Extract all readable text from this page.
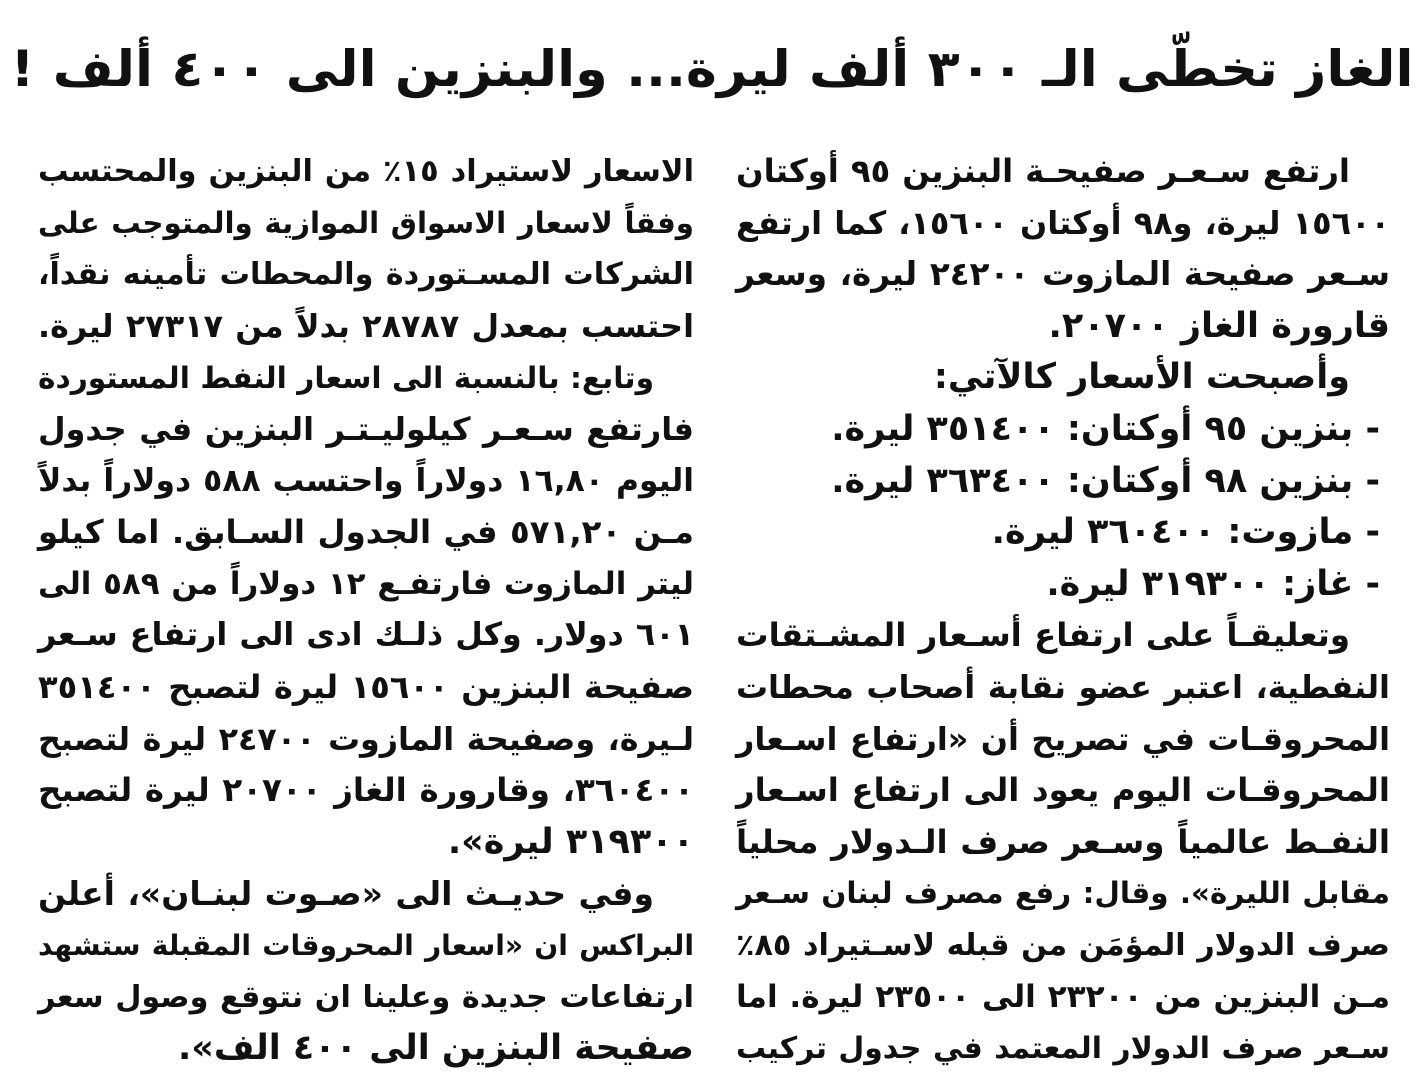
الغاز تخطّى الـ ٣٠٠ ألف ليرة... والبنزين الى ٤٠٠ ألف !
ارتفع سـعـر صفيحـة البنزين ٩٥ أوكتان
١٥٦٠٠ ليرة، و٩٨ أوكتان ١٥٦٠٠، كما ارتفع
سـعر صفيحة المازوت ٢٤٢٠٠ ليرة، وسعر
قارورة الغاز ٢٠٧٠٠.
وأصبحت الأسعار كالآتي:
- بنزين ٩٥ أوكتان: ٣٥١٤٠٠ ليرة.
- بنزين ٩٨ أوكتان: ٣٦٣٤٠٠ ليرة.
- مازوت: ٣٦٠٤٠٠ ليرة.
- غاز: ٣١٩٣٠٠ ليرة.
وتعليقـاً على ارتفاع أسـعار المشـتقات
النفطية، اعتبر عضو نقابة أصحاب محطات
المحروقـات في تصريح أن «ارتفاع اسـعار
المحروقـات اليوم يعود الى ارتفاع اسـعار
النفـط عالمياً وسـعر صرف الـدولار محلياً
مقابل الليرة». وقال: رفع مصرف لبنان سـعر
صرف الدولار المؤمَن من قبله لاسـتيراد ٨٥٪
مـن البنزين من ٢٣٢٠٠ الى ٢٣٥٠٠ ليرة. اما
سـعر صرف الدولار المعتمد في جدول تركيب
الاسعار لاستيراد ١٥٪ من البنزين والمحتسب
وفقاً لاسعار الاسواق الموازية والمتوجب على
الشركات المسـتوردة والمحطات تأمينه نقداً،
احتسب بمعدل ٢٨٧٨٧ بدلاً من ٢٧٣١٧ ليرة.
وتابع: بالنسبة الى اسعار النفط المستوردة
فارتفع سـعـر كيلوليـتـر البنزين في جدول
اليوم ١٦,٨٠ دولاراً واحتسب ٥٨٨ دولاراً بدلاً
مـن ٥٧١,٢٠ في الجدول السـابق. اما كيلو
ليتر المازوت فارتفـع ١٢ دولاراً من ٥٨٩ الى
٦٠١ دولار. وكل ذلـك ادى الى ارتفاع سـعر
صفيحة البنزين ١٥٦٠٠ ليرة لتصبح ٣٥١٤٠٠
لـيرة، وصفيحة المازوت ٢٤٧٠٠ ليرة لتصبح
٣٦٠٤٠٠، وقارورة الغاز ٢٠٧٠٠ ليرة لتصبح
٣١٩٣٠٠ ليرة».
وفي حديـث الى «صـوت لبنـان»، أعلن
البراكس ان «اسعار المحروقات المقبلة ستشهد
ارتفاعات جديدة وعلينا ان نتوقع وصول سعر
صفيحة البنزين الى ٤٠٠ الف».
